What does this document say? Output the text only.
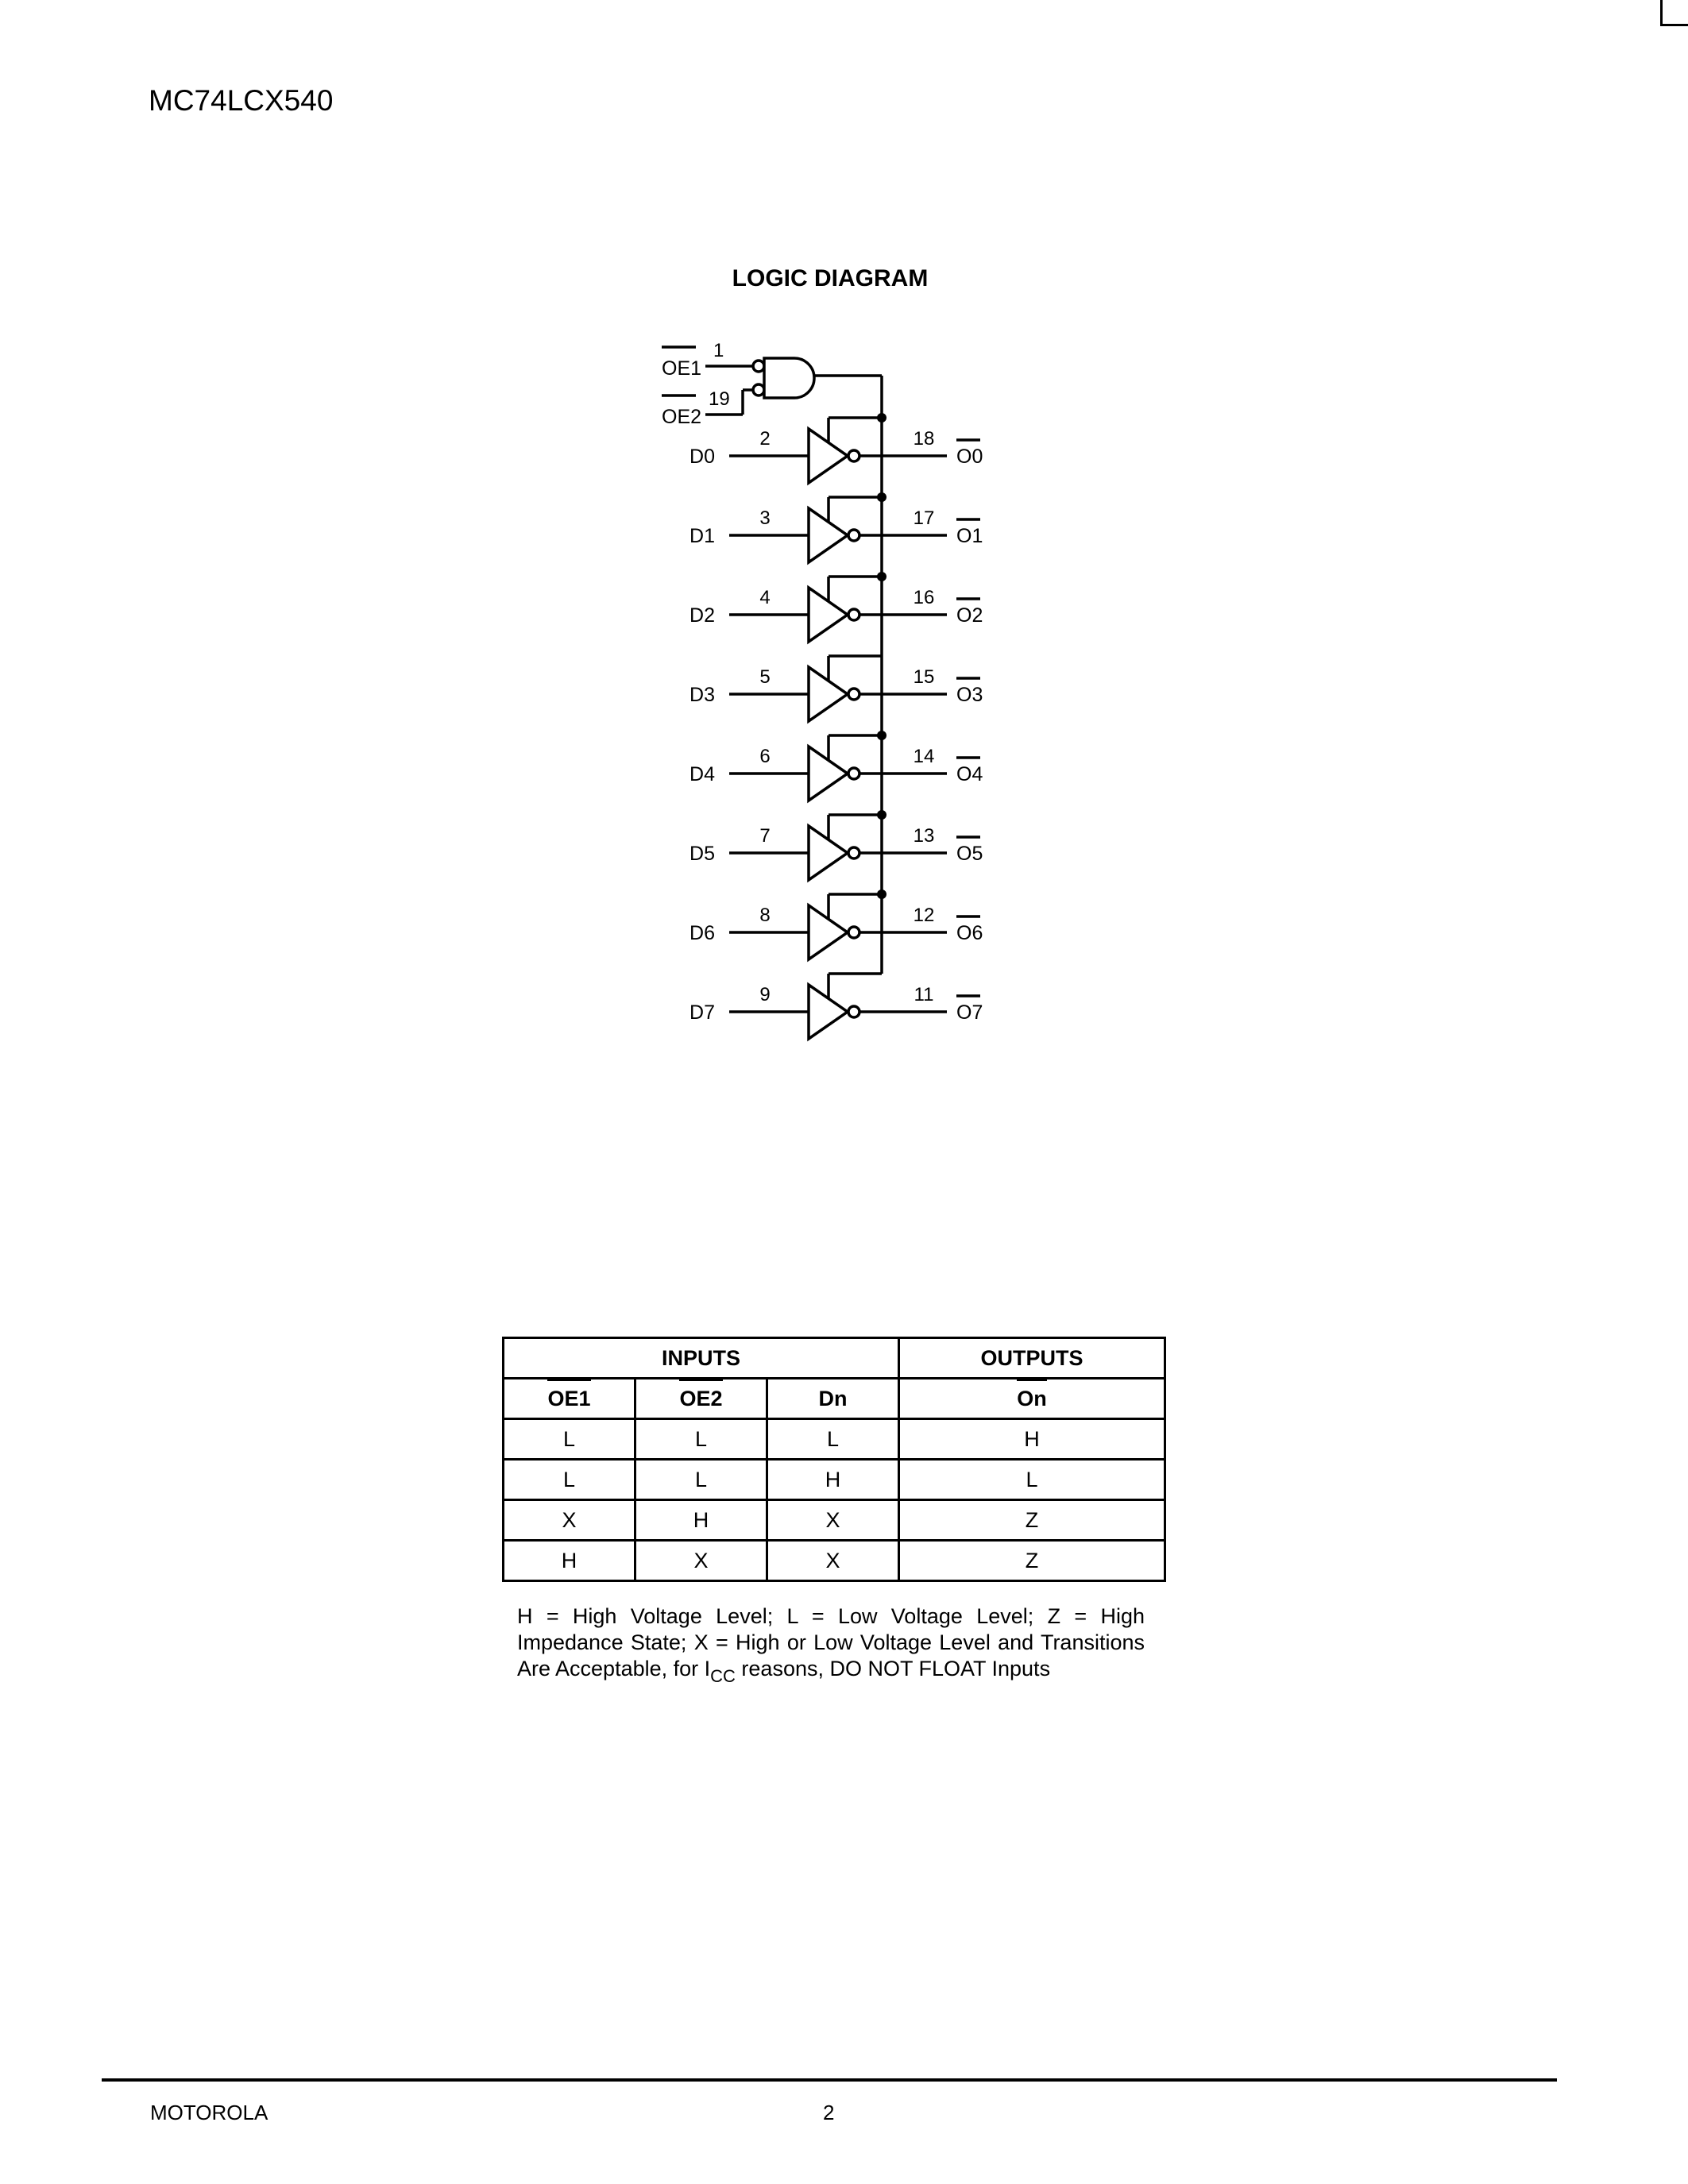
MC74LCX540
LOGIC DIAGRAM
1
OE1
19
OE2
D0
2	18
O0
D1
3	17
O1
D2
4	16
O2
D3
5	15
O3
D4
6	14
O4
D5
7	13
O5
D6
8	12
O6
D7
9	11
O7
INPUTS			OUTPUTS
OE1	OE2	Dn	On
L	L	L	H
L	L	H	L
X	H	X	Z
H	X	X	Z
H = High Voltage Level; L = Low Voltage Level; Z = High Impedance State; X = High or Low Voltage Level and Transitions Are Acceptable, for $I_{CC}$ reasons, DO NOT FLOAT Inputs
MOTOROLA	2
